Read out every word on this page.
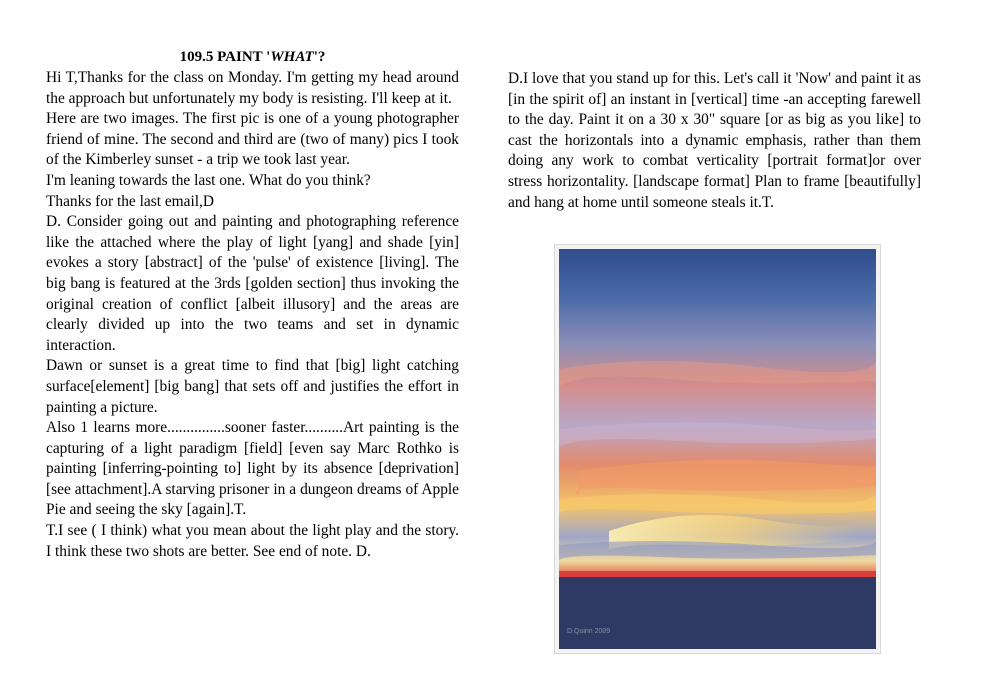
109.5 PAINT 'WHAT'?

Hi T,Thanks for the class on Monday. I'm getting my head around the approach but unfortunately my body is resisting. I'll keep at it.

Here are two images. The first pic is one of a young photographer friend of mine. The second and third are (two of many) pics I took of the Kimberley sunset - a trip we took last year.

I'm leaning towards the last one. What do you think?

Thanks for the last email,D

D. Consider going out and painting and photographing reference like the attached where the play of light [yang] and shade [yin] evokes a story [abstract] of the 'pulse' of existence [living]. The big bang is featured at the 3rds [golden section] thus invoking the original creation of conflict [albeit illusory] and the areas are clearly divided up into the two teams and set in dynamic interaction.

Dawn or sunset is a great time to find that [big] light catching surface[element] [big bang] that sets off and justifies the effort in painting a picture.

Also 1 learns more...............sooner faster..........Art painting is the capturing of a light paradigm [field] [even say Marc Rothko is painting [inferring-pointing to] light by its absence [deprivation] [see attachment].A starving prisoner in a dungeon dreams of Apple Pie and seeing the sky [again].T.

T.I see ( I think) what you mean about the light play and the story. I think these two shots are better. See end of note. D.

D.I love that you stand up for this. Let's call it 'Now' and paint it as [in the spirit of] an instant in [vertical] time -an accepting farewell to the day. Paint it on a 30 x 30" square [or as big as you like] to cast the horizontals into a dynamic emphasis, rather than them doing any work to combat verticality [portrait format]or over stress horizontality. [landscape format] Plan to frame [beautifully] and hang at home until someone steals it.T.

D.Quinn 2009
